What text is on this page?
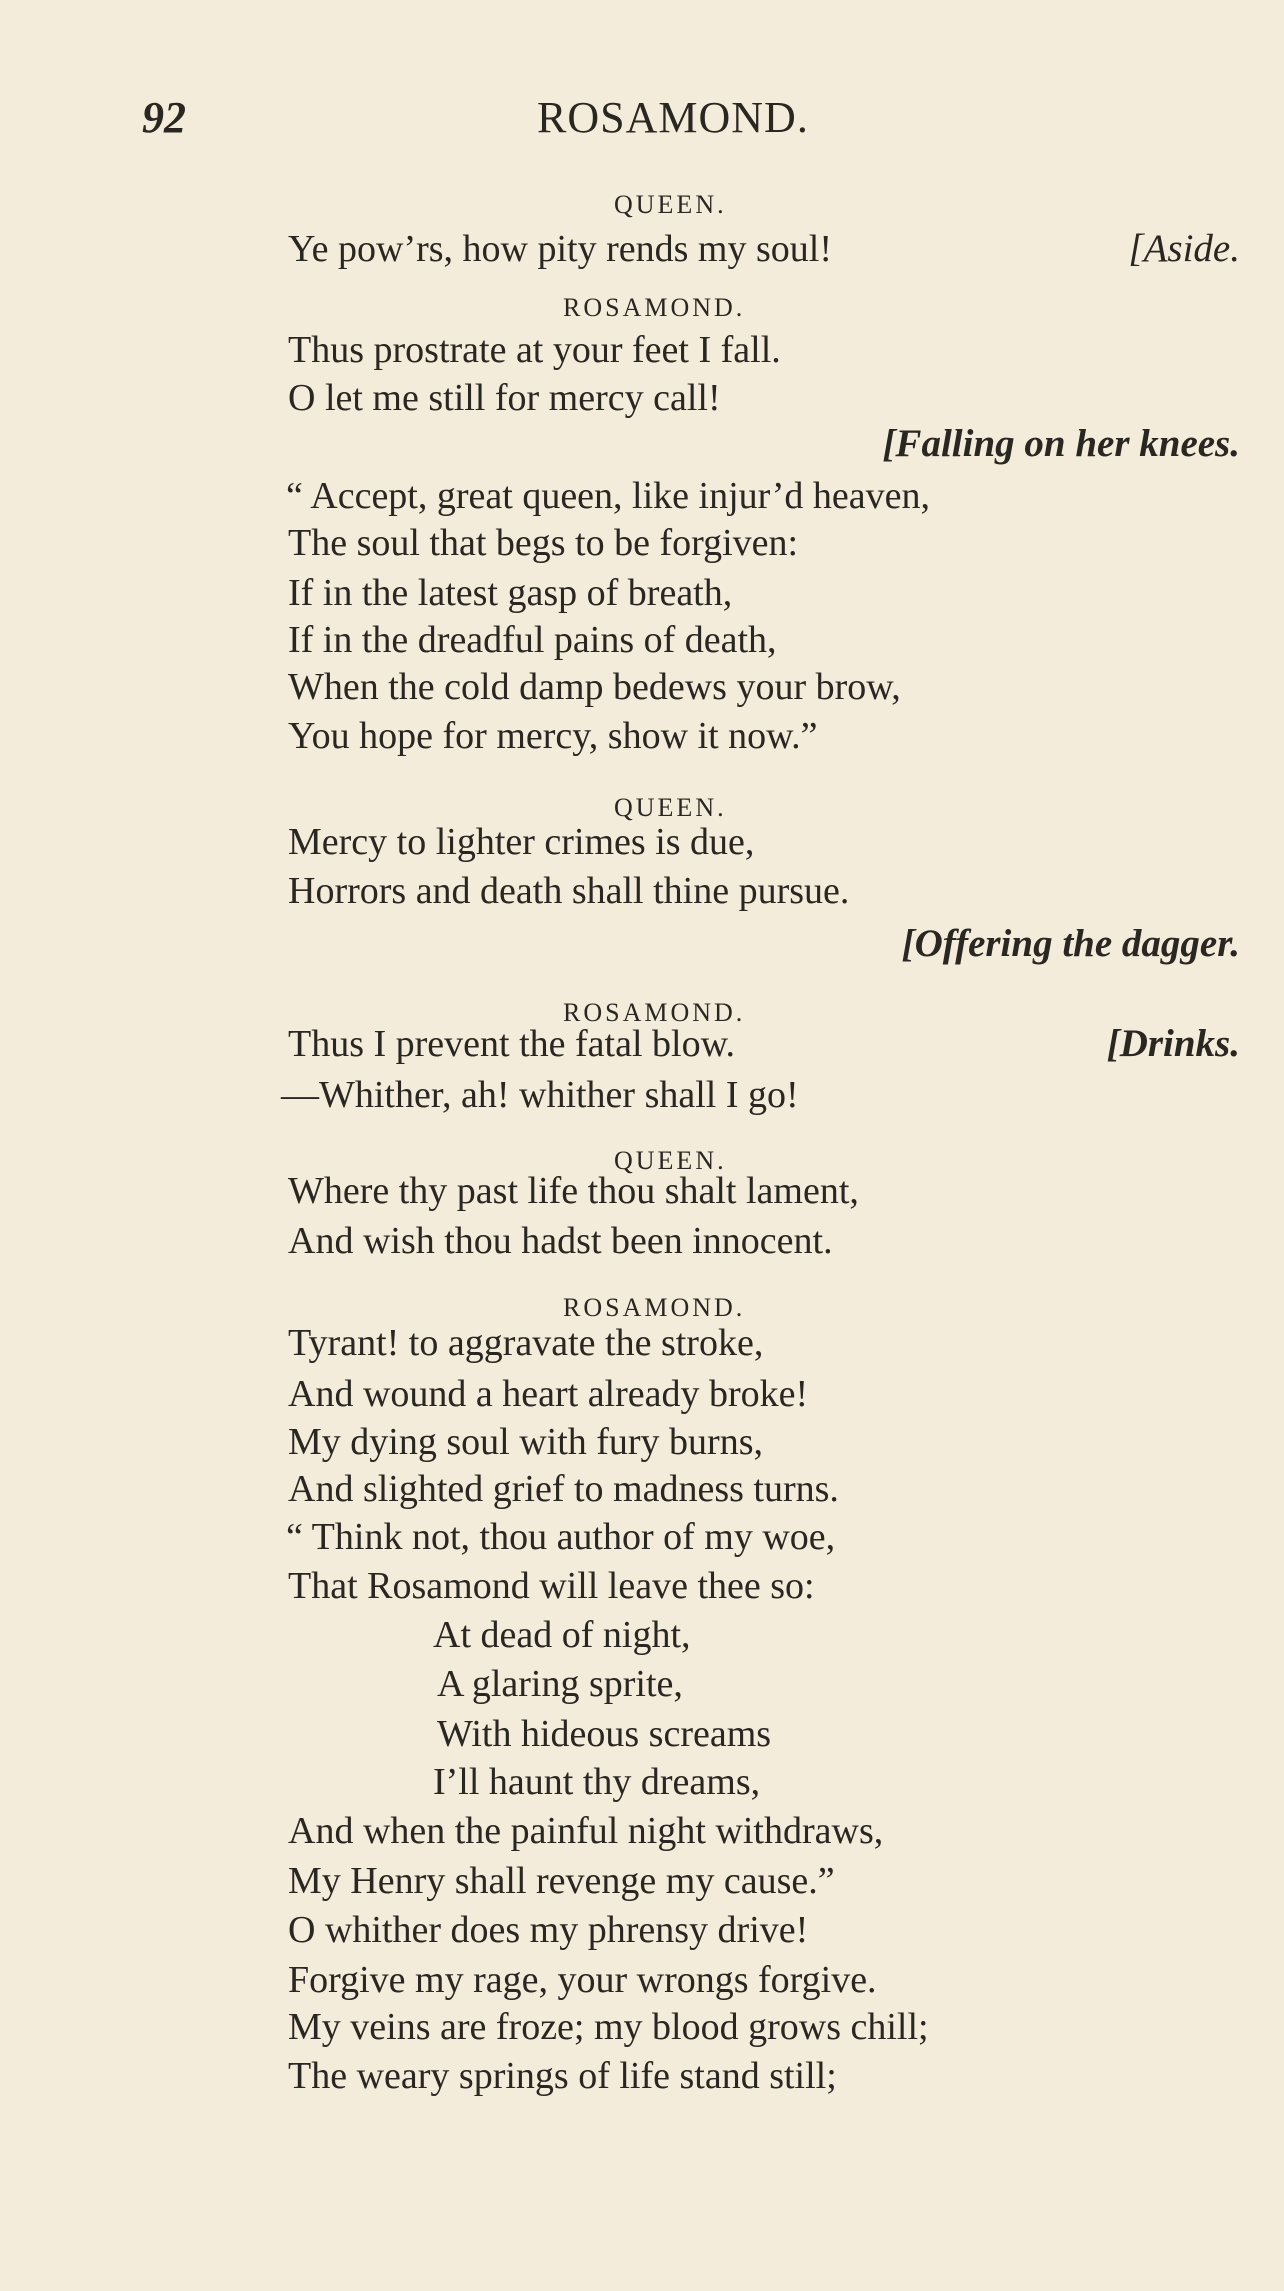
92	ROSAMOND.
QUEEN.
Ye pow’rs, how pity rends my soul!	[Aside.
ROSAMOND.
Thus prostrate at your feet I fall.
O let me still for mercy call!
[Falling on her knees.
“ Accept, great queen, like injur’d heaven,
The soul that begs to be forgiven:
If in the latest gasp of breath,
If in the dreadful pains of death,
When the cold damp bedews your brow,
You hope for mercy, show it now.”
QUEEN.
Mercy to lighter crimes is due,
Horrors and death shall thine pursue.
[Offering the dagger.
ROSAMOND.
Thus I prevent the fatal blow.	[Drinks.
—Whither, ah! whither shall I go!
QUEEN.
Where thy past life thou shalt lament,
And wish thou hadst been innocent.
ROSAMOND.
Tyrant! to aggravate the stroke,
And wound a heart already broke!
My dying soul with fury burns,
And slighted grief to madness turns.
“ Think not, thou author of my woe,
That Rosamond will leave thee so:
At dead of night,
A glaring sprite,
With hideous screams
I’ll haunt thy dreams,
And when the painful night withdraws,
My Henry shall revenge my cause.”
O whither does my phrensy drive!
Forgive my rage, your wrongs forgive.
My veins are froze; my blood grows chill;
The weary springs of life stand still;
